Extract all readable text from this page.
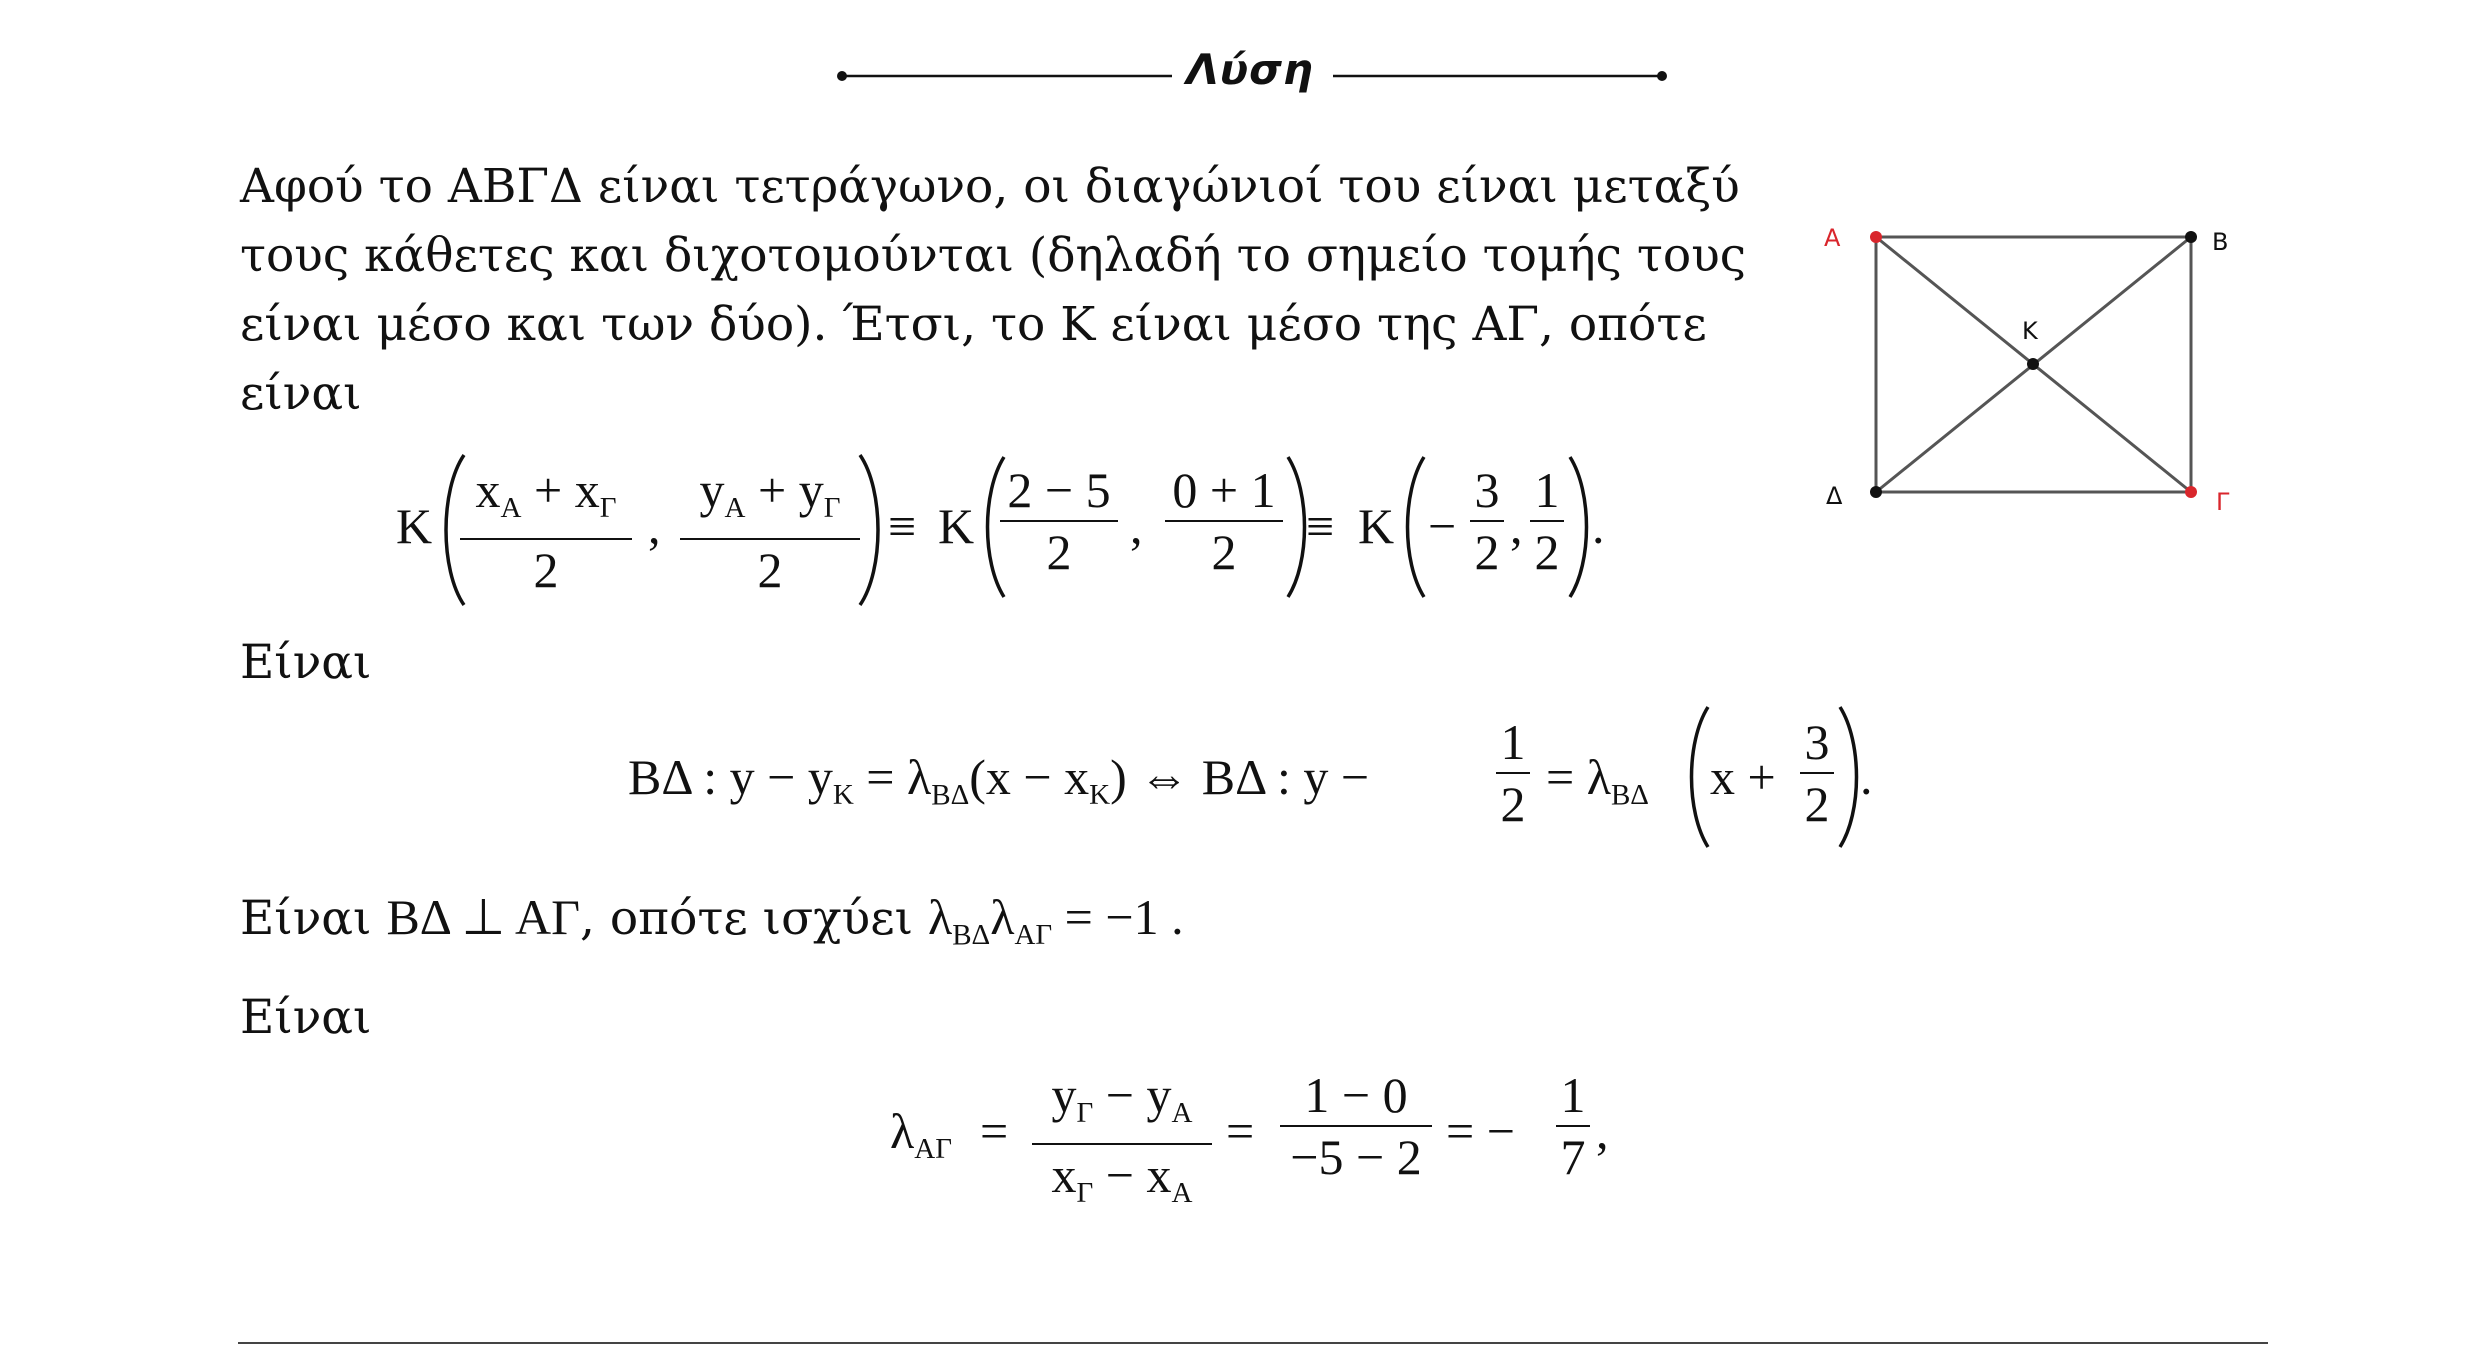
Λύση
Αφού το ΑΒΓΔ είναι τετράγωνο, οι διαγώνιοί του είναι μεταξύ
τους κάθετες και διχοτομούνται (δηλαδή το σημείο τομής τους
είναι μέσο και των δύο). Έτσι, το Κ είναι μέσο της ΑΓ, οπότε
είναι
A	B
Γ
Δ
K
K
$x_A + x_\Gamma$
2
,
$y_A + y_\Gamma$
2
≡ K
2 − 5
2	,
0 + 1
2	≡ K −
3
2 ,
1
2 .
Είναι
ΒΔ : $y - y_K = \lambda_{B\Delta}(x - x_K)$ ⇔ ΒΔ : y −
1
$2 = \lambda_{B\Delta}$ x +
3
2 .
Είναι ΒΔ ⊥ ΑΓ, οπότε ισχύει $\lambda_{B\Delta}\lambda_{A\Gamma} = -1$ .
Είναι
$\lambda_{A\Gamma}$ =
$y_\Gamma - y_A$
$x_\Gamma - x_A$
=
1 − 0
−5 − 2 = −
1
7 ,
